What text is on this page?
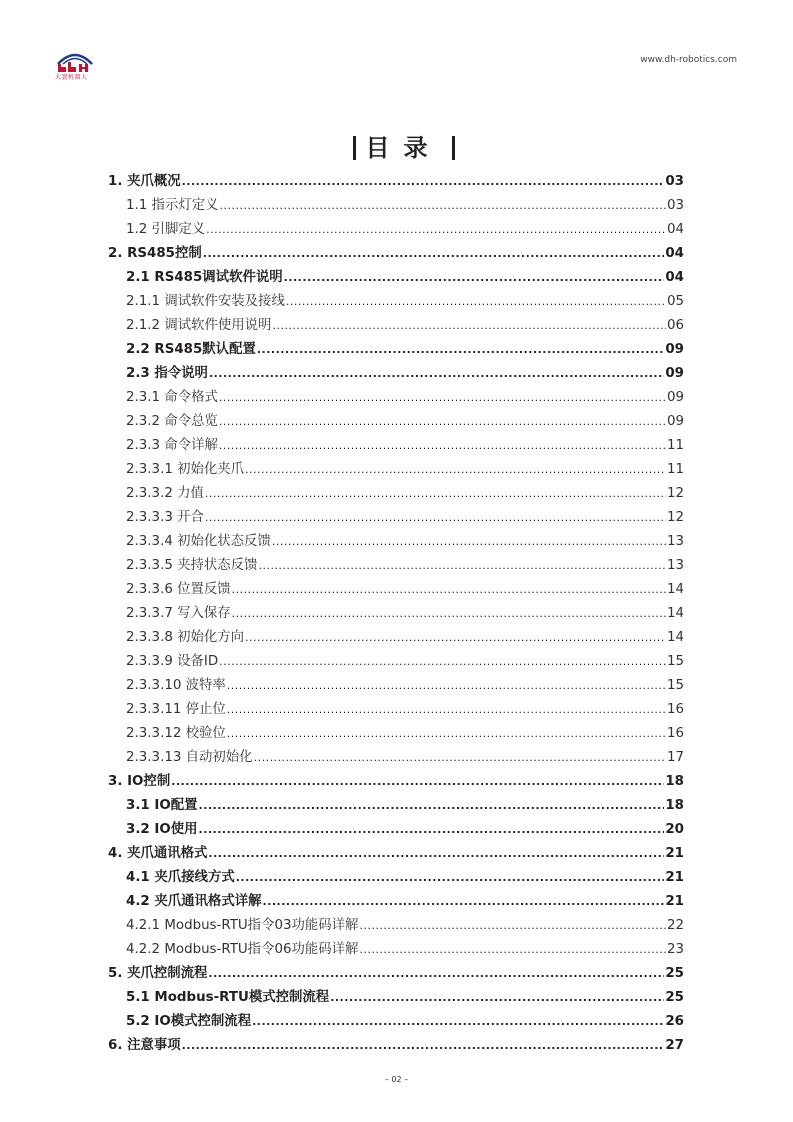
大寰机器人
www.dh-robotics.com
目录
1. 夹爪概况 .....	03
1.1 指示灯定义 .....	03
1.2 引脚定义 .....	04
2. RS485控制 .....	04
2.1 RS485调试软件说明 .....	04
2.1.1 调试软件安装及接线 .....	05
2.1.2 调试软件使用说明 .....	06
2.2 RS485默认配置 .....	09
2.3 指令说明 .....	09
2.3.1 命令格式 .....	09
2.3.2 命令总览 .....	09
2.3.3 命令详解 .....	11
2.3.3.1 初始化夹爪 .....	11
2.3.3.2 力值 .....	12
2.3.3.3 开合 .....	12
2.3.3.4 初始化状态反馈 .....	13
2.3.3.5 夹持状态反馈 .....	13
2.3.3.6 位置反馈 .....	14
2.3.3.7 写入保存 .....	14
2.3.3.8 初始化方向 .....	14
2.3.3.9 设备ID .....	15
2.3.3.10 波特率 .....	15
2.3.3.11 停止位 .....	16
2.3.3.12 校验位 .....	16
2.3.3.13 自动初始化 .....	17
3. IO控制 .....	18
3.1 IO配置 .....	18
3.2 IO使用 .....	20
4. 夹爪通讯格式 .....	21
4.1 夹爪接线方式 .....	21
4.2 夹爪通讯格式详解 .....	21
4.2.1 Modbus-RTU指令03功能码详解 .....	22
4.2.2 Modbus-RTU指令06功能码详解 .....	23
5. 夹爪控制流程 .....	25
5.1 Modbus-RTU模式控制流程 .....	25
5.2 IO模式控制流程 .....	26
6. 注意事项 .....	27
– 02 –
